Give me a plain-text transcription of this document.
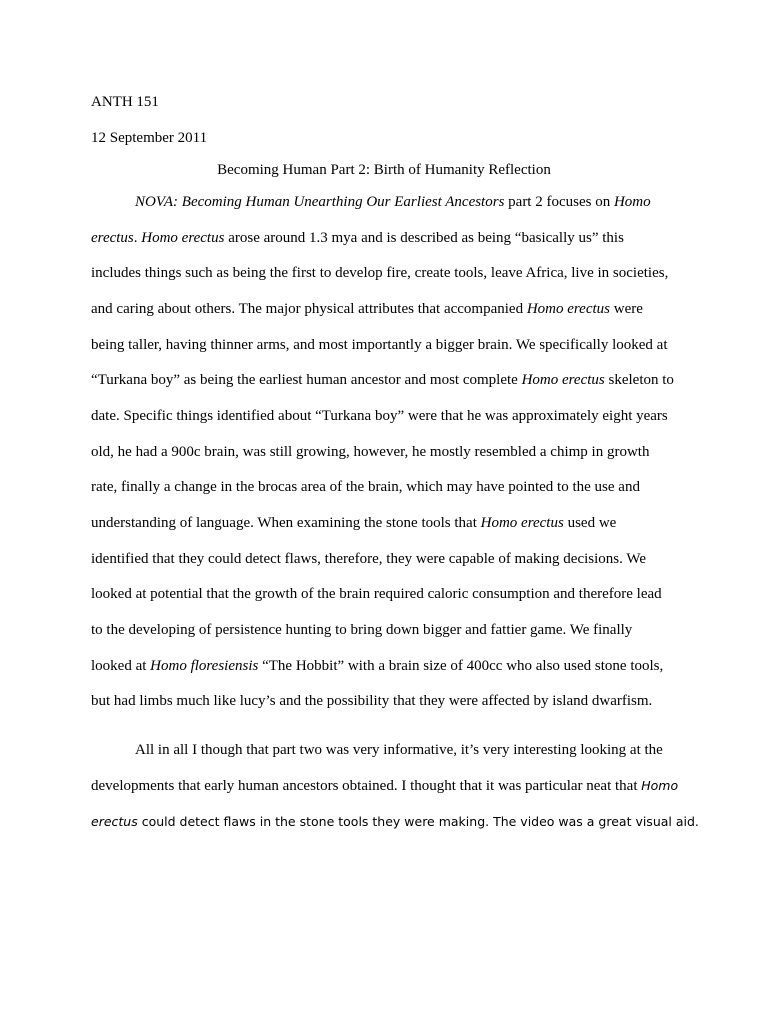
ANTH 151

12 September 2011

Becoming Human Part 2: Birth of Humanity Reflection

NOVA: Becoming Human Unearthing Our Earliest Ancestors part 2 focuses on Homo

erectus. Homo erectus arose around 1.3 mya and is described as being “basically us” this

includes things such as being the first to develop fire, create tools, leave Africa, live in societies,

and caring about others. The major physical attributes that accompanied Homo erectus were

being taller, having thinner arms, and most importantly a bigger brain. We specifically looked at

“Turkana boy” as being the earliest human ancestor and most complete Homo erectus skeleton to

date. Specific things identified about “Turkana boy” were that he was approximately eight years

old, he had a 900c brain, was still growing, however, he mostly resembled a chimp in growth

rate, finally a change in the brocas area of the brain, which may have pointed to the use and

understanding of language. When examining the stone tools that Homo erectus used we

identified that they could detect flaws, therefore, they were capable of making decisions. We

looked at potential that the growth of the brain required caloric consumption and therefore lead

to the developing of persistence hunting to bring down bigger and fattier game. We finally

looked at Homo floresiensis “The Hobbit” with a brain size of 400cc who also used stone tools,

but had limbs much like lucy’s and the possibility that they were affected by island dwarfism.

All in all I though that part two was very informative, it’s very interesting looking at the

developments that early human ancestors obtained. I thought that it was particular neat that Homo

erectus could detect flaws in the stone tools they were making. The video was a great visual aid.
